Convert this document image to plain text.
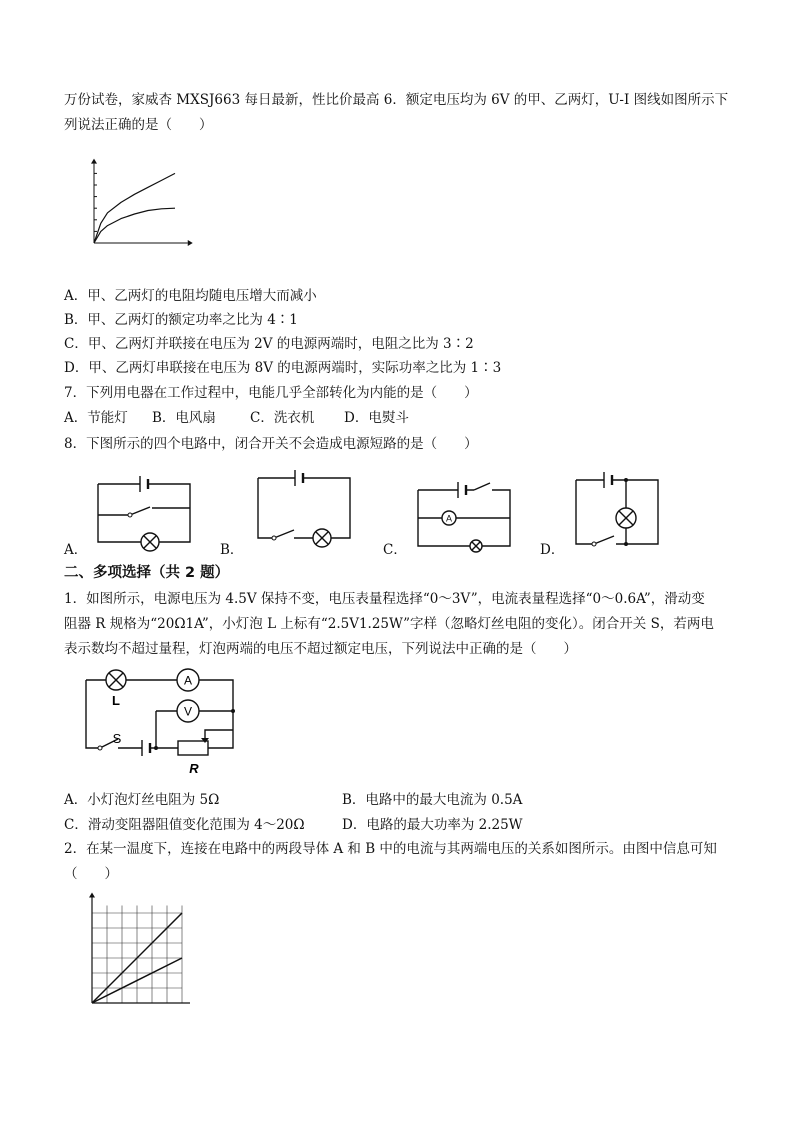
万份试卷，家威杏 MXSJ663 每日最新，性比价最高 6．额定电压均为 6V 的甲、乙两灯，U-I 图线如图所示下
列说法正确的是（　　）
A．甲、乙两灯的电阻均随电压增大而减小
B．甲、乙两灯的额定功率之比为 4∶1
C．甲、乙两灯并联接在电压为 2V 的电源两端时，电阻之比为 3∶2
D．甲、乙两灯串联接在电压为 8V 的电源两端时，实际功率之比为 1∶3
7．下列用电器在工作过程中，电能几乎全部转化为内能的是（　　）
A．节能灯 B．电风扇	C．洗衣机 D．电熨斗
8．下图所示的四个电路中，闭合开关不会造成电源短路的是（　　）
A．	B．	C．	D．
A
二、多项选择（共 2 题）
1．如图所示，电源电压为 4.5V 保持不变，电压表量程选择“0～3V”，电流表量程选择“0～0.6A”，滑动变
阻器 R 规格为“20Ω1A”，小灯泡 L 上标有“2.5V1.25W”字样（忽略灯丝电阻的变化）。闭合开关 S，若两电
表示数均不超过量程，灯泡两端的电压不超过额定电压，下列说法中正确的是（　　）
A
V
L
S
R
A．小灯泡灯丝电阻为 5Ω	B．电路中的最大电流为 0.5A
C．滑动变阻器阻值变化范围为 4～20Ω	D．电路的最大功率为 2.25W
2．在某一温度下，连接在电路中的两段导体 A 和 B 中的电流与其两端电压的关系如图所示。由图中信息可知
（　　）
